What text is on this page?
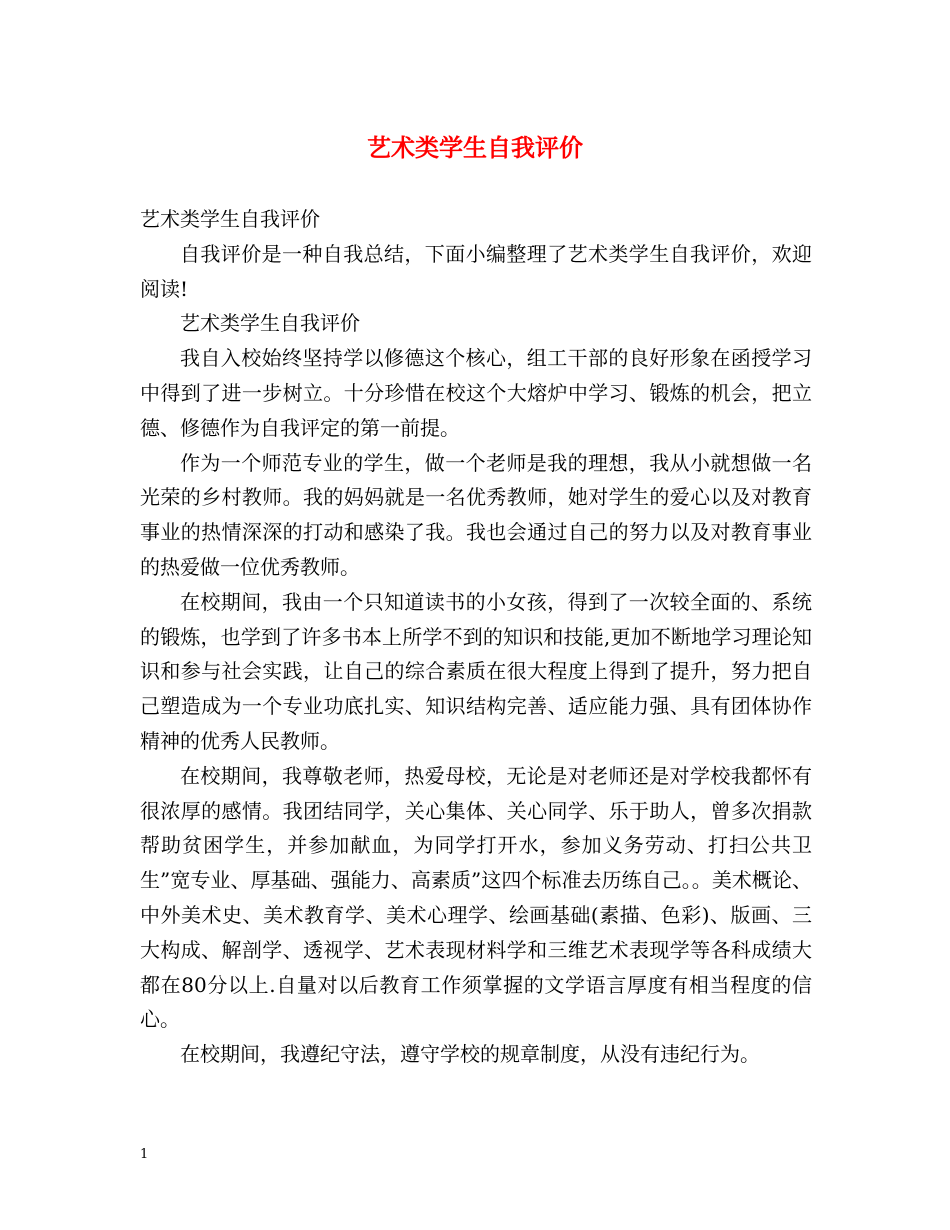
艺术类学生自我评价

艺术类学生自我评价

自我评价是一种自我总结，下面小编整理了艺术类学生自我评价，欢迎阅读!

艺术类学生自我评价

我自入校始终坚持学以修德这个核心，组工干部的良好形象在函授学习中得到了进一步树立。十分珍惜在校这个大熔炉中学习、锻炼的机会，把立德、修德作为自我评定的第一前提。

作为一个师范专业的学生，做一个老师是我的理想，我从小就想做一名光荣的乡村教师。我的妈妈就是一名优秀教师，她对学生的爱心以及对教育事业的热情深深的打动和感染了我。我也会通过自己的努力以及对教育事业的热爱做一位优秀教师。

在校期间，我由一个只知道读书的小女孩，得到了一次较全面的、系统的锻炼，也学到了许多书本上所学不到的知识和技能,更加不断地学习理论知识和参与社会实践，让自己的综合素质在很大程度上得到了提升，努力把自己塑造成为一个专业功底扎实、知识结构完善、适应能力强、具有团体协作精神的优秀人民教师。

在校期间，我尊敬老师，热爱母校，无论是对老师还是对学校我都怀有很浓厚的感情。我团结同学，关心集体、关心同学、乐于助人，曾多次捐款帮助贫困学生，并参加献血，为同学打开水，参加义务劳动、打扫公共卫生”宽专业、厚基础、强能力、高素质”这四个标准去历练自己。。美术概论、中外美术史、美术教育学、美术心理学、绘画基础(素描、色彩)、版画、三大构成、解剖学、透视学、艺术表现材料学和三维艺术表现学等各科成绩大都在80分以上.自量对以后教育工作须掌握的文学语言厚度有相当程度的信心。

在校期间，我遵纪守法，遵守学校的规章制度，从没有违纪行为。

1
